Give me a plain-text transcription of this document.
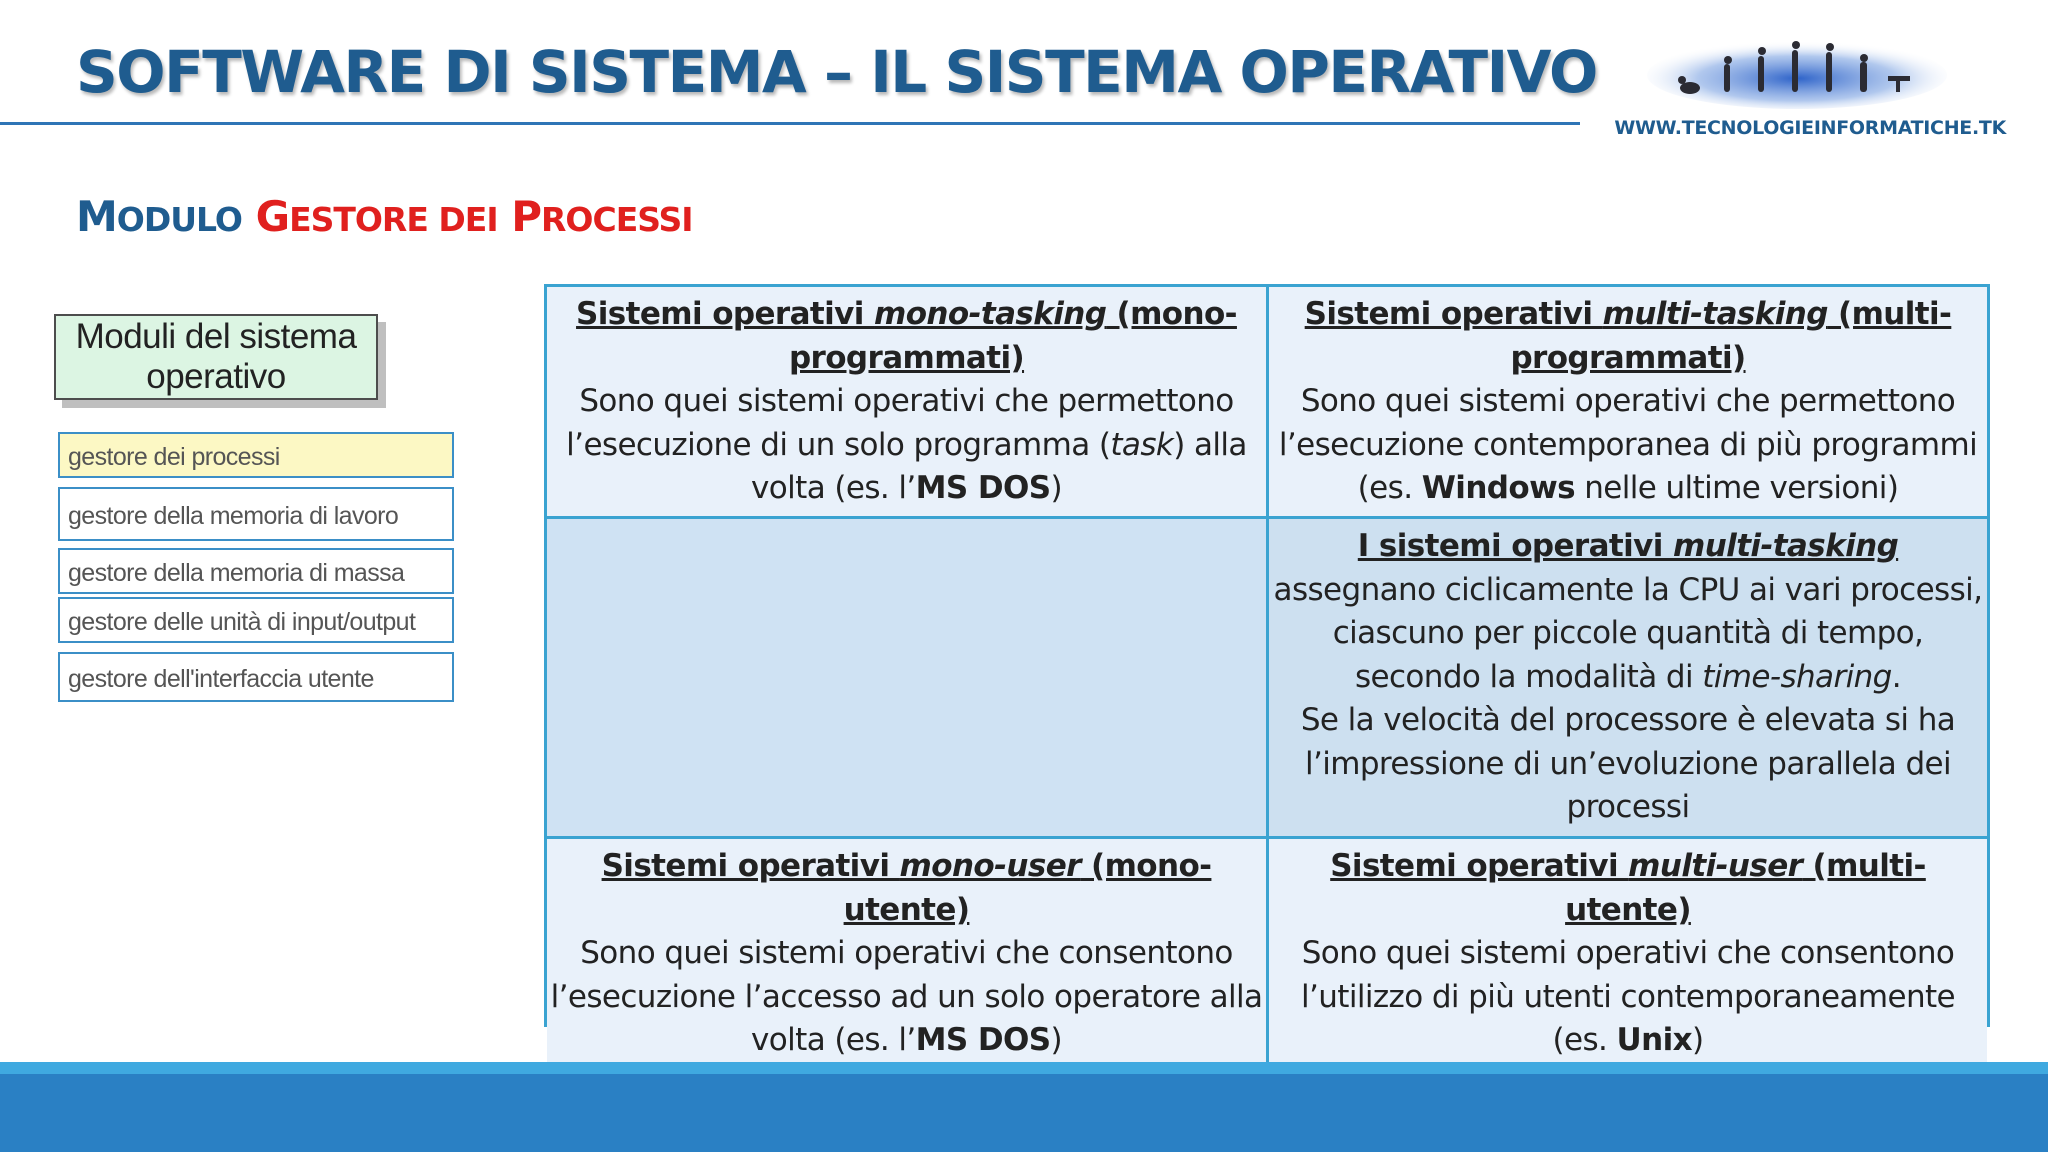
SOFTWARE DI SISTEMA – IL SISTEMA OPERATIVO
WWW.TECNOLOGIEINFORMATICHE.TK
MODULO GESTORE DEI PROCESSI
Moduli del sistema
operativo
gestore dei processi
gestore della memoria di lavoro
gestore della memoria di massa
gestore delle unità di input/output
gestore dell'interfaccia utente
Sistemi operativi mono-tasking (mono-programmati)
Sono quei sistemi operativi che permettono l’esecuzione di un solo programma (task) alla volta (es. l’MS DOS)
Sistemi operativi multi-tasking (multi-programmati)
Sono quei sistemi operativi che permettono l’esecuzione contemporanea di più programmi (es. Windows nelle ultime versioni)
I sistemi operativi multi-tasking
assegnano ciclicamente la CPU ai vari processi, ciascuno per piccole quantità di tempo, secondo la modalità di time-sharing.
Se la velocità del processore è elevata si ha l’impressione di un’evoluzione parallela dei processi
Sistemi operativi mono-user (mono-utente)
Sono quei sistemi operativi che consentono l’esecuzione l’accesso ad un solo operatore alla volta (es. l’MS DOS)
Sistemi operativi multi-user (multi-utente)
Sono quei sistemi operativi che consentono l’utilizzo di più utenti contemporaneamente (es. Unix)
